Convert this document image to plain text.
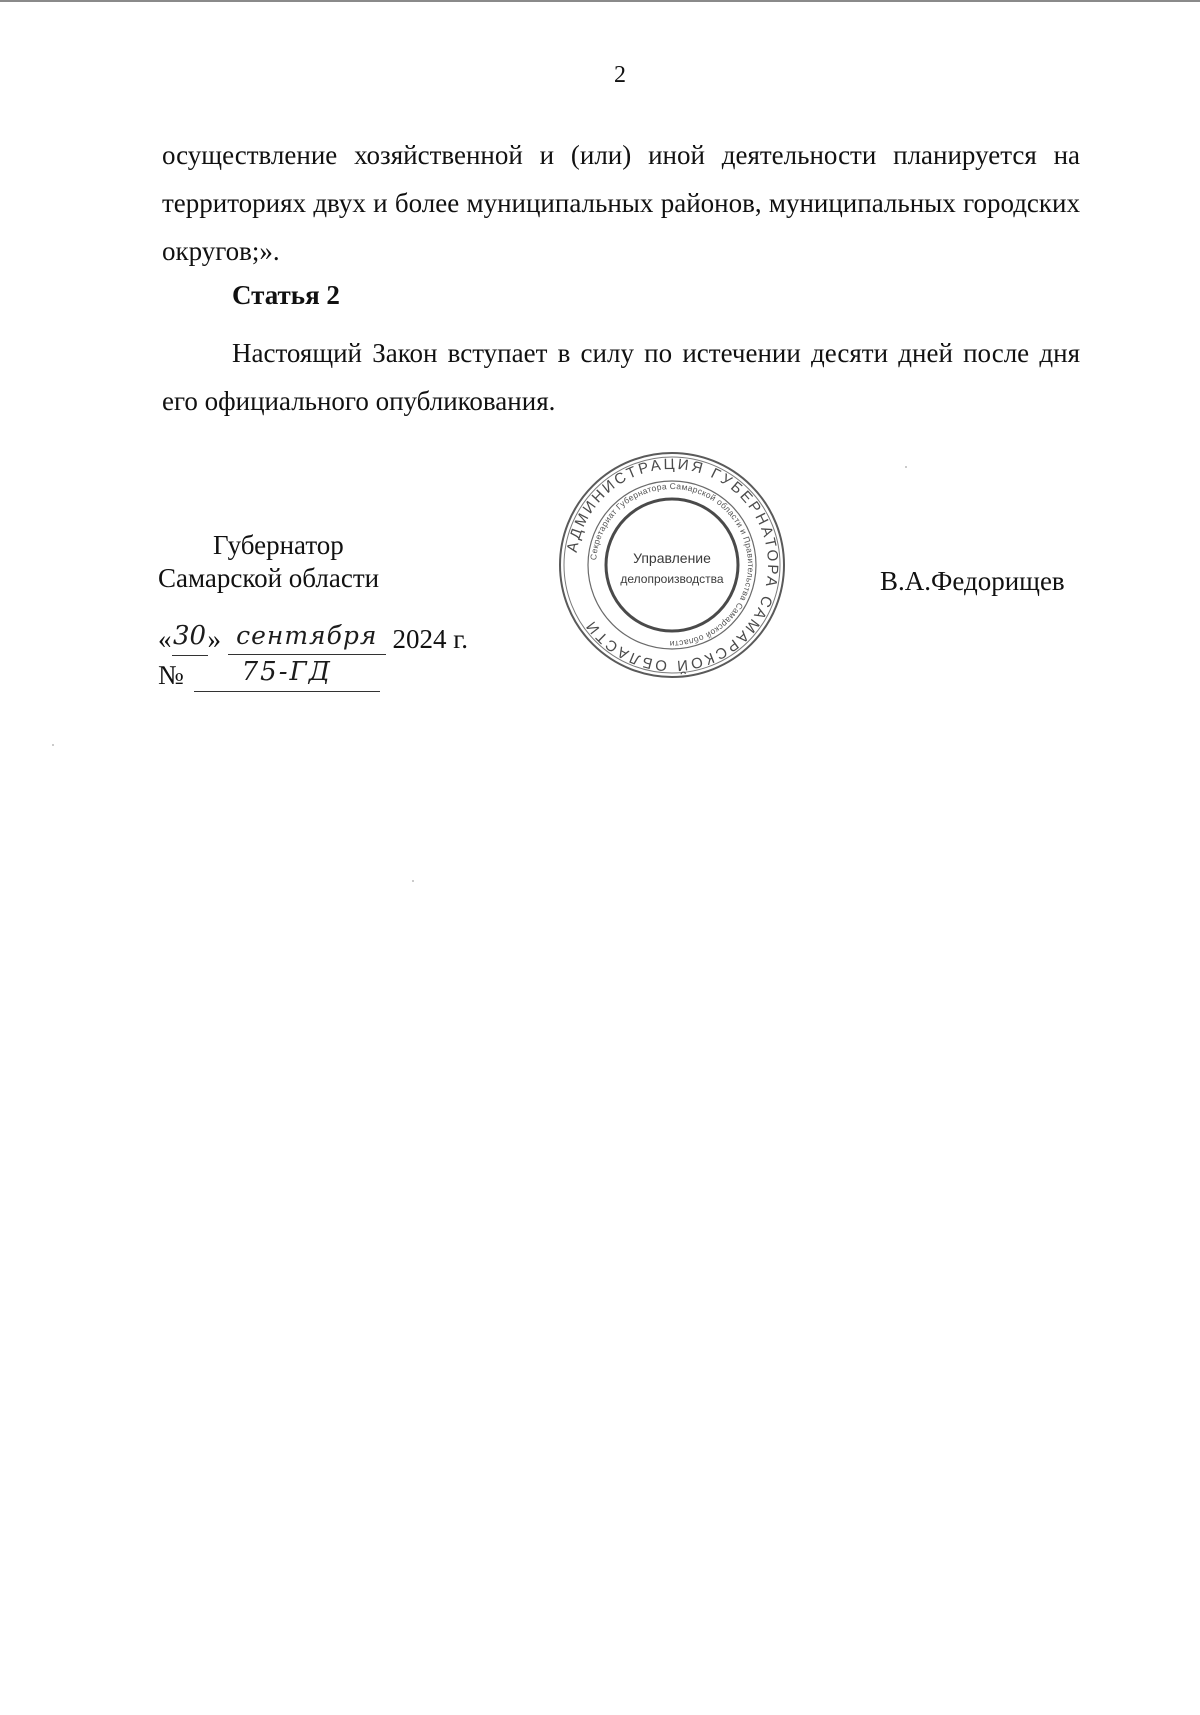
2
осуществление хозяйственной и (или) иной деятельности планируется на территориях двух и более муниципальных районов, муниципальных городских округов;».
Статья 2
Настоящий Закон вступает в силу по истечении десяти дней после дня его официального опубликования.
Губернатор
Самарской области	В.А.Федорищев
«30» сентября 2024 г.
№ 75-ГД
АДМИНИСТРАЦИЯ ГУБЕРНАТОРА САМАРСКОЙ ОБЛАСТИ
Секретариат Губернатора Самарской области и Правительства Самарской области
Управление
делопроизводства
